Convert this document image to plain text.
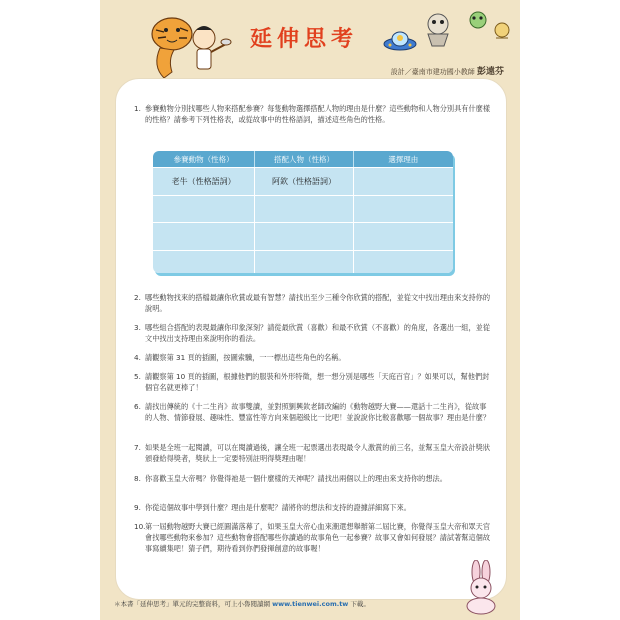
延伸思考
設計／臺南市建功國小教師 彭遠芬
1. 參賽動物分別找哪些人物來搭配參賽？每隻動物選擇搭配人物的理由是什麼？這些動物和人物分別具有什麼樣的性格？請參考下列性格表，或從故事中的性格語詞，描述這些角色的性格。
參賽動物（性格）	搭配人物（性格）	選擇理由
老牛（性格語詞）	阿欽（性格語詞）
2. 哪些動物找來的搭檔最讓你欣賞或最有智慧？請找出至少三種令你欣賞的搭配，並從文中找出理由來支持你的說明。
3. 哪些組合搭配的表現最讓你印象深刻？請從最欣賞（喜歡）和最不欣賞（不喜歡）的角度，各選出一組，並從文中找出支持理由來說明你的看法。
4. 請觀察第 31 頁的插圖，按圖索驥，一一標出這些角色的名稱。
5. 請觀察第 10 頁的插圖，根據他們的服裝和外形特徵，想一想分別是哪些「天庭百官」？如果可以，幫他們封個官名就更棒了！
6. 請找出傳統的《十二生肖》故事雙讀，並對照劉興欽老師改編的《動物越野大賽——還話十二生肖》，從故事的人物、情節發展、趣味性、豐富性等方向來個超級比一比吧！並說說你比較喜歡哪一個故事？理由是什麼？
7. 如果是全班一起閱讀，可以在閱讀過後，讓全班一起票選出表現最令人激賞的前三名，並幫玉皇大帝設計獎狀頒發給得獎者，獎狀上一定要特別註明得獎理由喔！
8. 你喜歡玉皇大帝嗎？你覺得祂是一個什麼樣的天神呢？請找出兩個以上的理由來支持你的想法。
9. 你從這個故事中學到什麼？理由是什麼呢？請將你的想法和支持的證據詳細寫下來。
10. 第一屆動物越野大賽已經圓滿落幕了，如果玉皇大帝心血來潮還想舉辦第二屆比賽，你覺得玉皇大帝和眾天官會找哪些動物來參加？這些動物會搭配哪些你讀過的故事角色一起參賽？故事又會如何發展？請試著幫這個故事寫續集吧！猜子們，期待看到你們發揮創意的故事喔！
＊本書「延伸思考」單元的完整資料，可上小魯閱讀網 www.tienwei.com.tw 下載。
